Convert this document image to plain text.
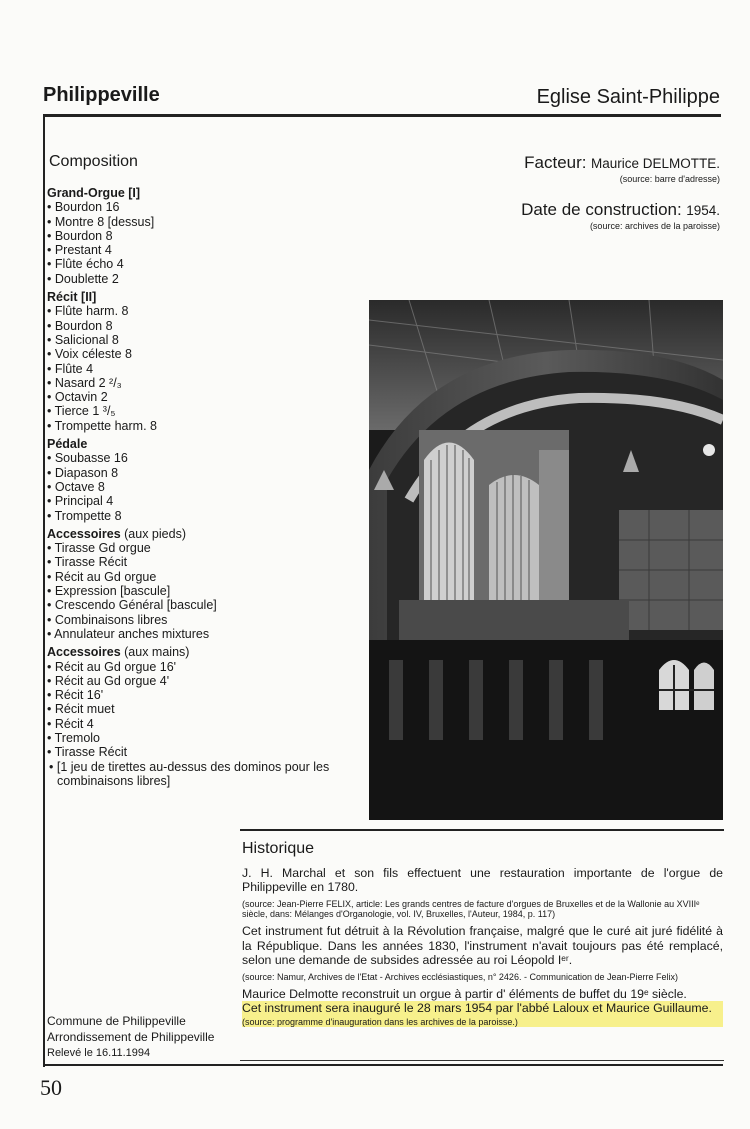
Philippeville	Eglise Saint-Philippe
Composition
Grand-Orgue [I]
• Bourdon 16
• Montre 8 [dessus]
• Bourdon 8
• Prestant 4
• Flûte écho 4
• Doublette 2
Récit [II]
• Flûte harm. 8
• Bourdon 8
• Salicional 8
• Voix céleste 8
• Flûte 4
• Nasard 2 ²/₃
• Octavin 2
• Tierce 1 ³/₅
• Trompette harm. 8
Pédale
• Soubasse 16
• Diapason 8
• Octave 8
• Principal 4
• Trompette 8
Accessoires (aux pieds)
• Tirasse Gd orgue
• Tirasse Récit
• Récit au Gd orgue
• Expression [bascule]
• Crescendo Général [bascule]
• Combinaisons libres
• Annulateur anches mixtures
Accessoires (aux mains)
• Récit au Gd orgue 16'
• Récit au Gd orgue 4'
• Récit 16'
• Récit muet
• Récit 4
• Tremolo
• Tirasse Récit
• [1 jeu de tirettes au-dessus des dominos pour les combinaisons libres]
Facteur: Maurice DELMOTTE.
(source: barre d'adresse)
Date de construction: 1954.
(source: archives de la paroisse)
Historique

J. H. Marchal et son fils effectuent une restauration importante de l'orgue de Philippeville en 1780.

(source: Jean-Pierre FELIX, article: Les grands centres de facture d'orgues de Bruxelles et de la Wallonie au XVIIIᵉ siècle, dans: Mélanges d'Organologie, vol. IV, Bruxelles, l'Auteur, 1984, p. 117)

Cet instrument fut détruit à la Révolution française, malgré que le curé ait juré fidélité à la République. Dans les années 1830, l'instrument n'avait toujours pas été remplacé, selon une demande de subsides adressée au roi Léopold Iᵉʳ.

(source: Namur, Archives de l'Etat - Archives ecclésiastiques, n° 2426. - Communication de Jean-Pierre Felix)

Maurice Delmotte reconstruit un orgue à partir d' éléments de buffet du 19ᵉ siècle.

Cet instrument sera inauguré le 28 mars 1954 par l'abbé Laloux et Maurice Guillaume.

(source: programme d'inauguration dans les archives de la paroisse.)

Commune de Philippeville
Arrondissement de Philippeville
Relevé le 16.11.1994
50
